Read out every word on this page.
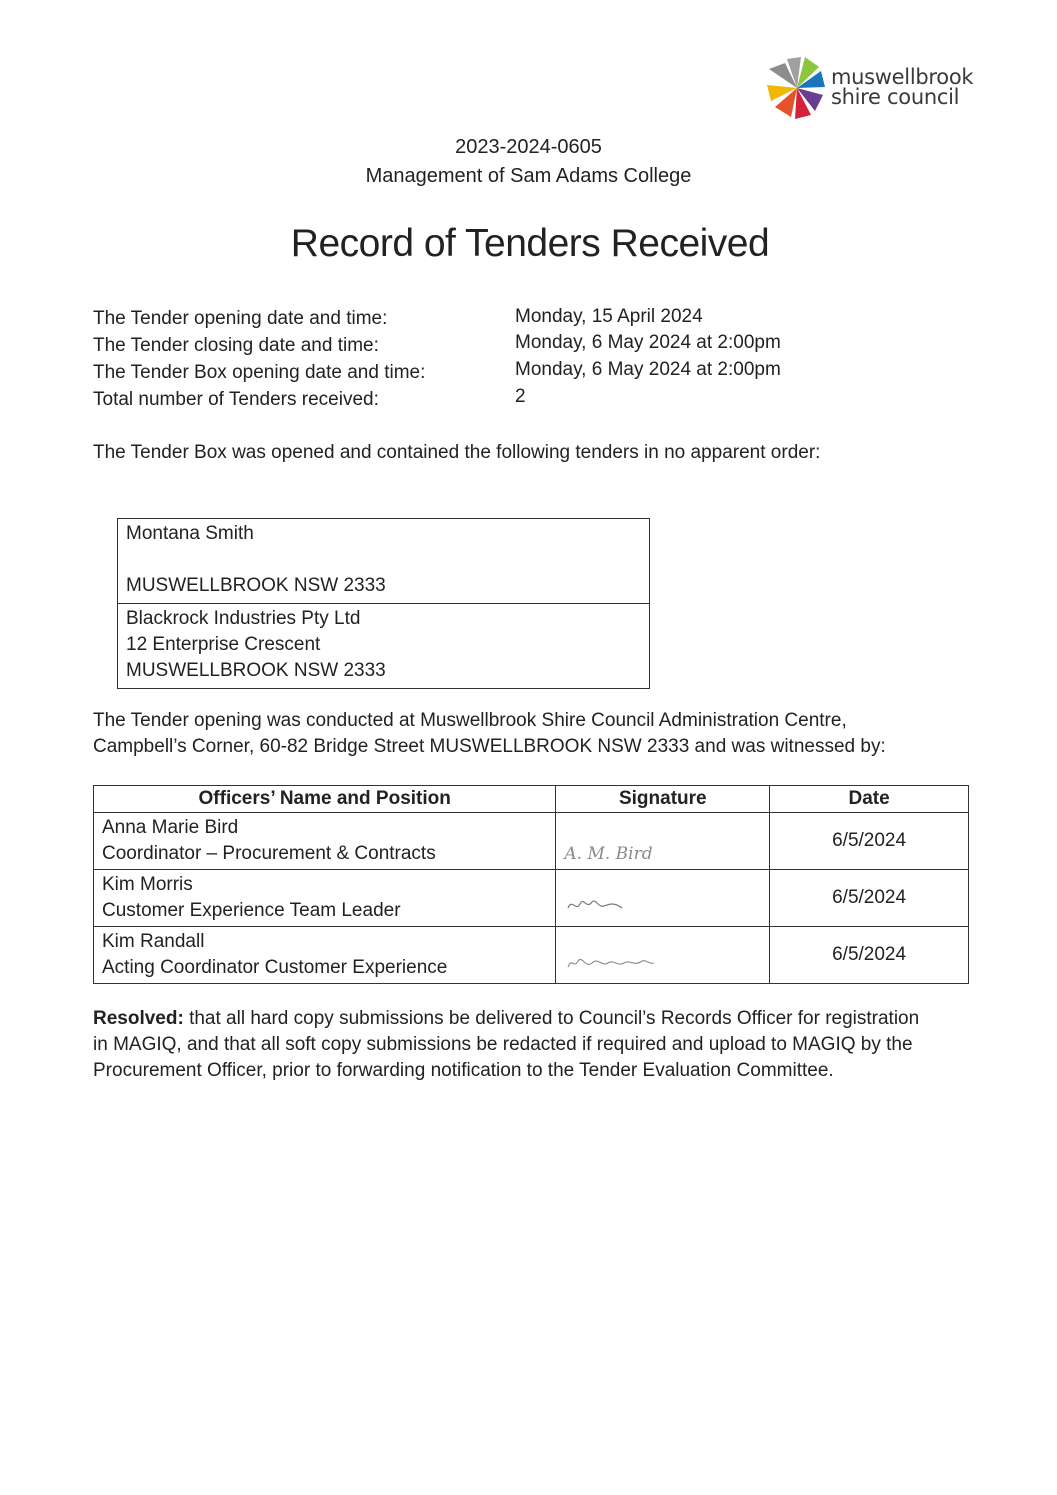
muswellbrook
shire council
2023-2024-0605
Management of Sam Adams College
Record of Tenders Received
The Tender opening date and time:	Monday, 15 April 2024
The Tender closing date and time:	Monday, 6 May 2024 at 2:00pm
The Tender Box opening date and time:	Monday, 6 May 2024 at 2:00pm
Total number of Tenders received:	2
The Tender Box was opened and contained the following tenders in no apparent order:
Montana Smith
MUSWELLBROOK NSW 2333

Blackrock Industries Pty Ltd
12 Enterprise Crescent
MUSWELLBROOK NSW 2333
The Tender opening was conducted at Muswellbrook Shire Council Administration Centre,
Campbell’s Corner, 60-82 Bridge Street MUSWELLBROOK NSW 2333 and was witnessed by:
Officers’ Name and Position	Signature	Date

Anna Marie Bird
Coordinator – Procurement & Contracts	A. M. Bird	6/5/2024

Kim Morris
Customer Experience Team Leader		6/5/2024

Kim Randall
Acting Coordinator Customer Experience		6/5/2024
Resolved: that all hard copy submissions be delivered to Council’s Records Officer for registration
in MAGIQ, and that all soft copy submissions be redacted if required and upload to MAGIQ by the
Procurement Officer, prior to forwarding notification to the Tender Evaluation Committee.
